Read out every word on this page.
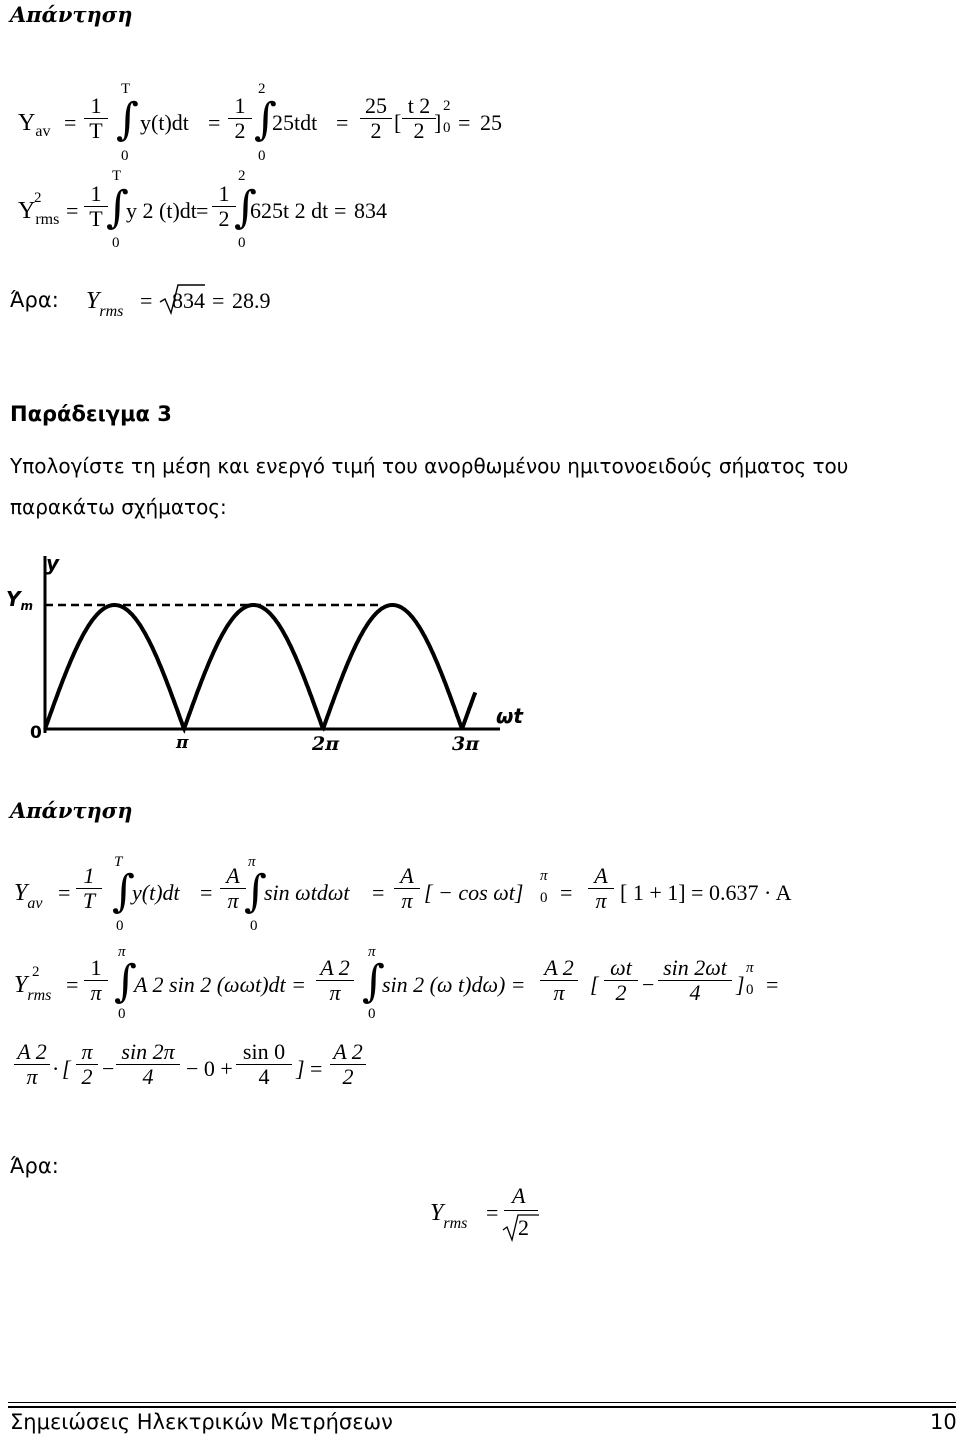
Απάντηση
$Y_{av} = \frac{1}{T}$
T
∫
0
$y(t)dt = \frac{1}{2}$
2
∫
0
$25tdt = \frac{25}{2}$ [ $\frac{t 2}{2}$
]
2
0 = 25
Y
2
$_{rms} = \frac{1}{T}$
T
∫
0
y 2 $(t)dt = \frac{1}{2}$
2
∫
0
625t 2 dt = 834
Άρα: $Y_{rms} = 834 = 28.9$
Παράδειγμα 3
Υπολογίστε τη μέση και ενεργό τιμή του ανορθωμένου ημιτονοειδούς σήματος του
παρακάτω σχήματος:
y
$Y_m$
0
ωt
π	2π	3π
Απάντηση
$Y_{av} = \frac{1}{T}$
T
∫
0
$y(t)dt = \frac{A}{\pi}$
π
∫
0
$\sin \omega td\omega t = \frac{A}{\pi}$ [ − cos ωt]
π
$0 = \frac{A}{\pi}$ [ 1 + 1] = 0.637 · A
Y 2
$_{rms} = \frac{1}{\pi}$
π
∫
0
A 2 sin 2 $(\omega\omega t)dt = \frac{A 2}{\pi}$
π
∫
0
sin 2 (ω $t)d\omega) = \frac{A 2}{\pi}$ [ $\frac{\omega t}{2} - \frac{\sin 2\omega t}{4}$ ]
π
0 =
$\frac{A 2}{\pi}$ · [ $\frac{\pi}{2} - \frac{\sin 2\pi}{4} - 0 + \frac{\sin 0}{4}$ ] = $\frac{A 2}{2}$
Άρα:
$Y_{rms}$ =
A
2
Σημειώσεις Ηλεκτρικών Μετρήσεων	10
